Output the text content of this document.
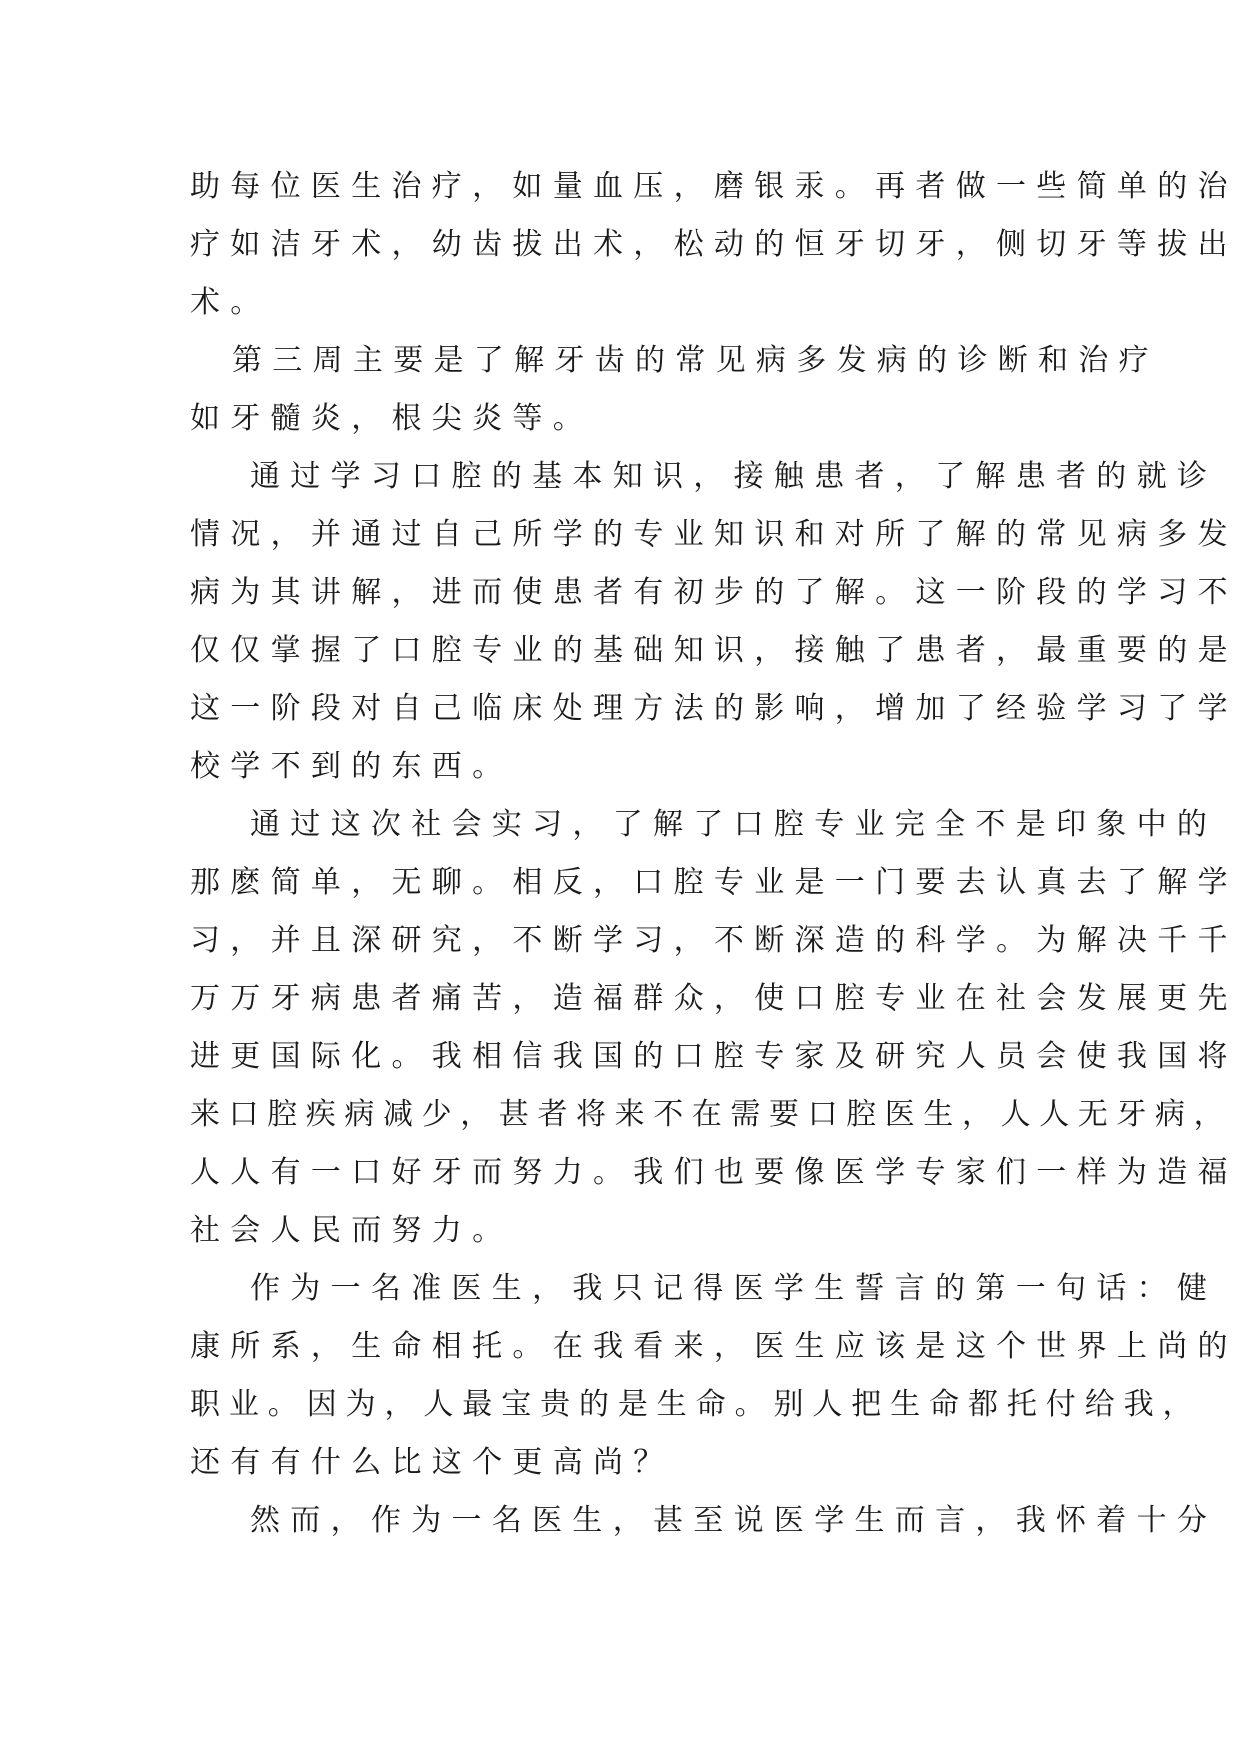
助每位医生治疗，如量血压，磨银汞。再者做一些简单的治
疗如洁牙术，幼齿拔出术，松动的恒牙切牙，侧切牙等拔出
术。
第三周主要是了解牙齿的常见病多发病的诊断和治疗
如牙髓炎，根尖炎等。
通过学习口腔的基本知识，接触患者，了解患者的就诊
情况，并通过自己所学的专业知识和对所了解的常见病多发
病为其讲解，进而使患者有初步的了解。这一阶段的学习不
仅仅掌握了口腔专业的基础知识，接触了患者，最重要的是
这一阶段对自己临床处理方法的影响，增加了经验学习了学
校学不到的东西。
通过这次社会实习，了解了口腔专业完全不是印象中的
那麽简单，无聊。相反，口腔专业是一门要去认真去了解学
习，并且深研究，不断学习，不断深造的科学。为解决千千
万万牙病患者痛苦，造福群众，使口腔专业在社会发展更先
进更国际化。我相信我国的口腔专家及研究人员会使我国将
来口腔疾病减少，甚者将来不在需要口腔医生，人人无牙病，
人人有一口好牙而努力。我们也要像医学专家们一样为造福
社会人民而努力。
作为一名准医生，我只记得医学生誓言的第一句话：健
康所系，生命相托。在我看来，医生应该是这个世界上尚的
职业。因为，人最宝贵的是生命。别人把生命都托付给我，
还有有什么比这个更高尚？
然而，作为一名医生，甚至说医学生而言，我怀着十分
